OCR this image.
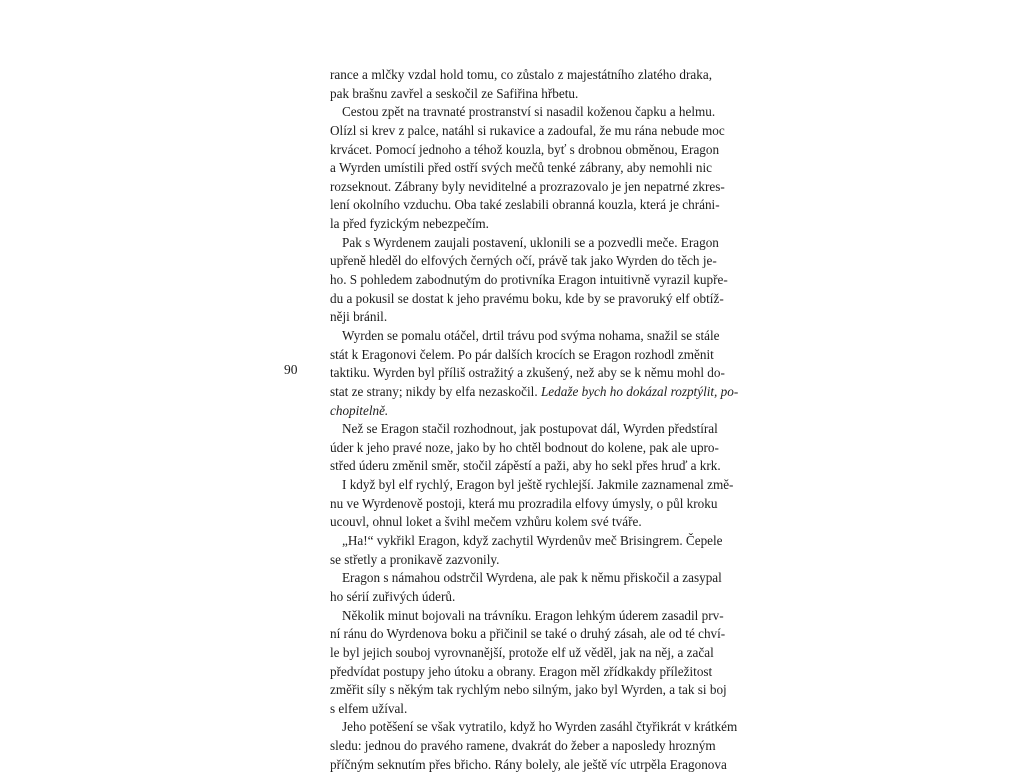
90
rance a mlčky vzdal hold tomu, co zůstalo z majestátního zlatého draka,
pak brašnu zavřel a seskočil ze Safiřina hřbetu.
Cestou zpět na travnaté prostranství si nasadil koženou čapku a helmu.
Olízl si krev z palce, natáhl si rukavice a zadoufal, že mu rána nebude moc
krvácet. Pomocí jednoho a téhož kouzla, byť s drobnou obměnou, Eragon
a Wyrden umístili před ostří svých mečů tenké zábrany, aby nemohli nic
rozseknout. Zábrany byly neviditelné a prozrazovalo je jen nepatrné zkres-
lení okolního vzduchu. Oba také zeslabili obranná kouzla, která je chráni-
la před fyzickým nebezpečím.
Pak s Wyrdenem zaujali postavení, uklonili se a pozvedli meče. Eragon
upřeně hleděl do elfových černých očí, právě tak jako Wyrden do těch je-
ho. S pohledem zabodnutým do protivníka Eragon intuitivně vyrazil kupře-
du a pokusil se dostat k jeho pravému boku, kde by se pravoruký elf obtíž-
něji bránil.
Wyrden se pomalu otáčel, drtil trávu pod svýma nohama, snažil se stále
stát k Eragonovi čelem. Po pár dalších krocích se Eragon rozhodl změnit
taktiku. Wyrden byl příliš ostražitý a zkušený, než aby se k němu mohl do-
stat ze strany; nikdy by elfa nezaskočil. Ledaže bych ho dokázal rozptýlit, po-
chopitelně.
Než se Eragon stačil rozhodnout, jak postupovat dál, Wyrden předstíral
úder k jeho pravé noze, jako by ho chtěl bodnout do kolene, pak ale upro-
střed úderu změnil směr, stočil zápěstí a paži, aby ho sekl přes hruď a krk.
I když byl elf rychlý, Eragon byl ještě rychlejší. Jakmile zaznamenal změ-
nu ve Wyrdenově postoji, která mu prozradila elfovy úmysly, o půl kroku
ucouvl, ohnul loket a švihl mečem vzhůru kolem své tváře.
„Ha!“ vykřikl Eragon, když zachytil Wyrdenův meč Brisingrem. Čepele
se střetly a pronikavě zazvonily.
Eragon s námahou odstrčil Wyrdena, ale pak k němu přiskočil a zasypal
ho sérií zuřivých úderů.
Několik minut bojovali na trávníku. Eragon lehkým úderem zasadil prv-
ní ránu do Wyrdenova boku a přičinil se také o druhý zásah, ale od té chví-
le byl jejich souboj vyrovnanější, protože elf už věděl, jak na něj, a začal
předvídat postupy jeho útoku a obrany. Eragon měl zřídkakdy příležitost
změřit síly s někým tak rychlým nebo silným, jako byl Wyrden, a tak si boj
s elfem užíval.
Jeho potěšení se však vytratilo, když ho Wyrden zasáhl čtyřikrát v krátkém
sledu: jednou do pravého ramene, dvakrát do žeber a naposledy hrozným
příčným seknutím přes břicho. Rány bolely, ale ještě víc utrpěla Eragonova
